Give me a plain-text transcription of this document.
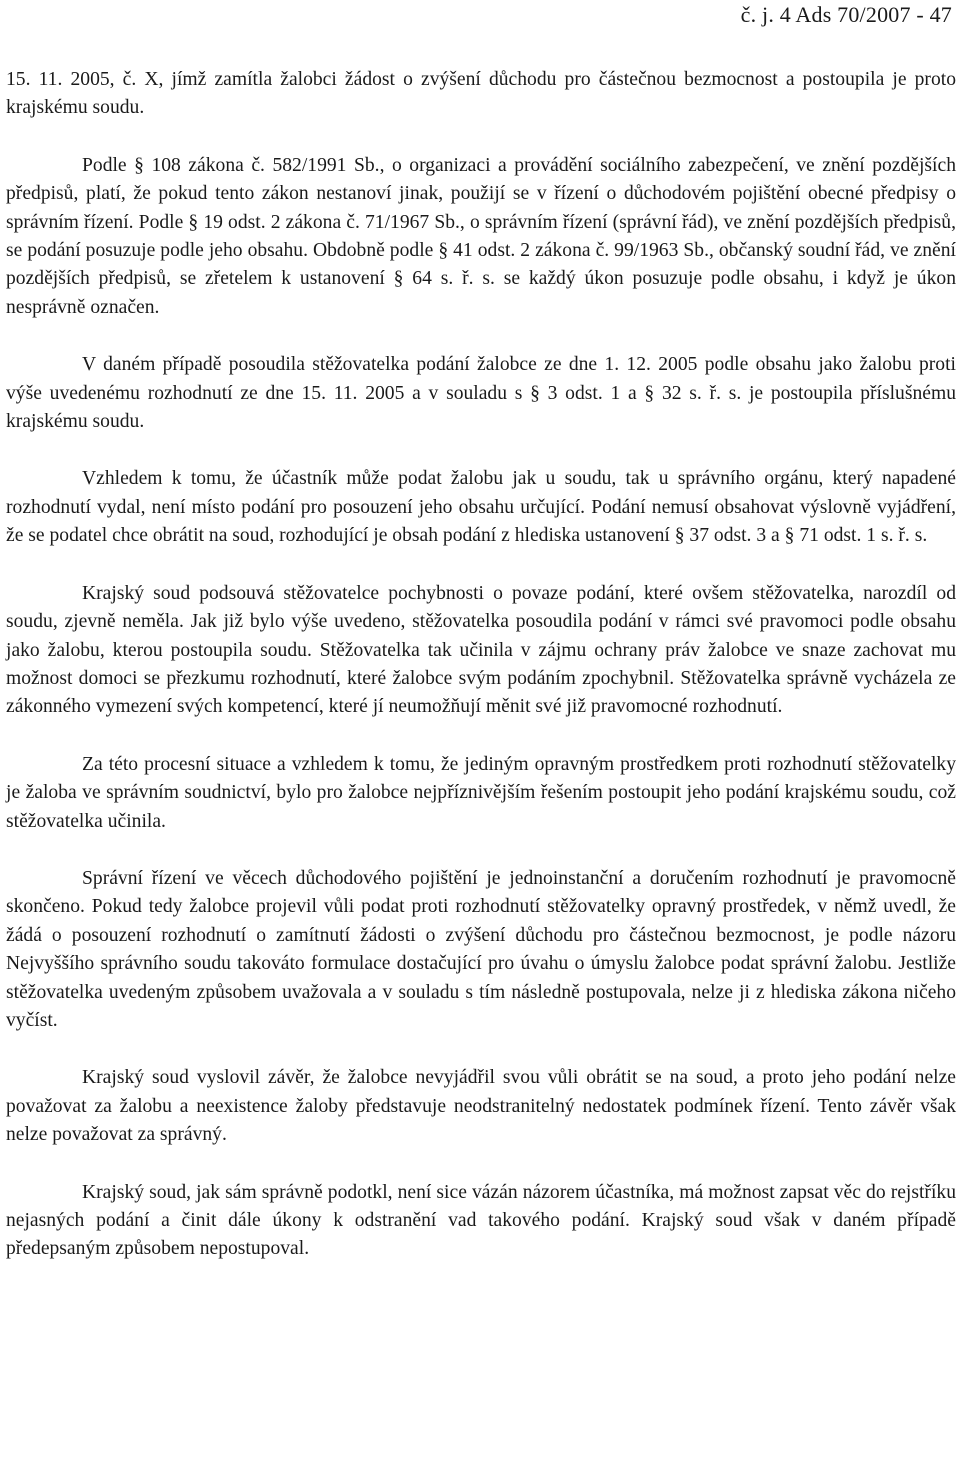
č. j. 4 Ads 70/2007 - 47

15. 11. 2005, č. X, jímž zamítla žalobci žádost o zvýšení důchodu pro částečnou bezmocnost a postoupila je proto krajskému soudu.

Podle § 108 zákona č. 582/1991 Sb., o organizaci a provádění sociálního zabezpečení, ve znění pozdějších předpisů, platí, že pokud tento zákon nestanoví jinak, použijí se v řízení o důchodovém pojištění obecné předpisy o správním řízení. Podle § 19 odst. 2 zákona č. 71/1967 Sb., o správním řízení (správní řád), ve znění pozdějších předpisů, se podání posuzuje podle jeho obsahu. Obdobně podle § 41 odst. 2 zákona č. 99/1963 Sb., občanský soudní řád, ve znění pozdějších předpisů, se zřetelem k ustanovení § 64 s. ř. s. se každý úkon posuzuje podle obsahu, i když je úkon nesprávně označen.

V daném případě posoudila stěžovatelka podání žalobce ze dne 1. 12. 2005 podle obsahu jako žalobu proti výše uvedenému rozhodnutí ze dne 15. 11. 2005 a v souladu s § 3 odst. 1 a § 32 s. ř. s. je postoupila příslušnému krajskému soudu.

Vzhledem k tomu, že účastník může podat žalobu jak u soudu, tak u správního orgánu, který napadené rozhodnutí vydal, není místo podání pro posouzení jeho obsahu určující. Podání nemusí obsahovat výslovně vyjádření, že se podatel chce obrátit na soud, rozhodující je obsah podání z hlediska ustanovení § 37 odst. 3 a § 71 odst. 1 s. ř. s.

Krajský soud podsouvá stěžovatelce pochybnosti o povaze podání, které ovšem stěžovatelka, narozdíl od soudu, zjevně neměla. Jak již bylo výše uvedeno, stěžovatelka posoudila podání v rámci své pravomoci podle obsahu jako žalobu, kterou postoupila soudu. Stěžovatelka tak učinila v zájmu ochrany práv žalobce ve snaze zachovat mu možnost domoci se přezkumu rozhodnutí, které žalobce svým podáním zpochybnil. Stěžovatelka správně vycházela ze zákonného vymezení svých kompetencí, které jí neumožňují měnit své již pravomocné rozhodnutí.

Za této procesní situace a vzhledem k tomu, že jediným opravným prostředkem proti rozhodnutí stěžovatelky je žaloba ve správním soudnictví, bylo pro žalobce nejpříznivějším řešením postoupit jeho podání krajskému soudu, což stěžovatelka učinila.

Správní řízení ve věcech důchodového pojištění je jednoinstanční a doručením rozhodnutí je pravomocně skončeno. Pokud tedy žalobce projevil vůli podat proti rozhodnutí stěžovatelky opravný prostředek, v němž uvedl, že žádá o posouzení rozhodnutí o zamítnutí žádosti o zvýšení důchodu pro částečnou bezmocnost, je podle názoru Nejvyššího správního soudu takováto formulace dostačující pro úvahu o úmyslu žalobce podat správní žalobu. Jestliže stěžovatelka uvedeným způsobem uvažovala a v souladu s tím následně postupovala, nelze ji z hlediska zákona ničeho vyčíst.

Krajský soud vyslovil závěr, že žalobce nevyjádřil svou vůli obrátit se na soud, a proto jeho podání nelze považovat za žalobu a neexistence žaloby představuje neodstranitelný nedostatek podmínek řízení. Tento závěr však nelze považovat za správný.

Krajský soud, jak sám správně podotkl, není sice vázán názorem účastníka, má možnost zapsat věc do rejstříku nejasných podání a činit dále úkony k odstranění vad takového podání. Krajský soud však v daném případě předepsaným způsobem nepostupoval.
